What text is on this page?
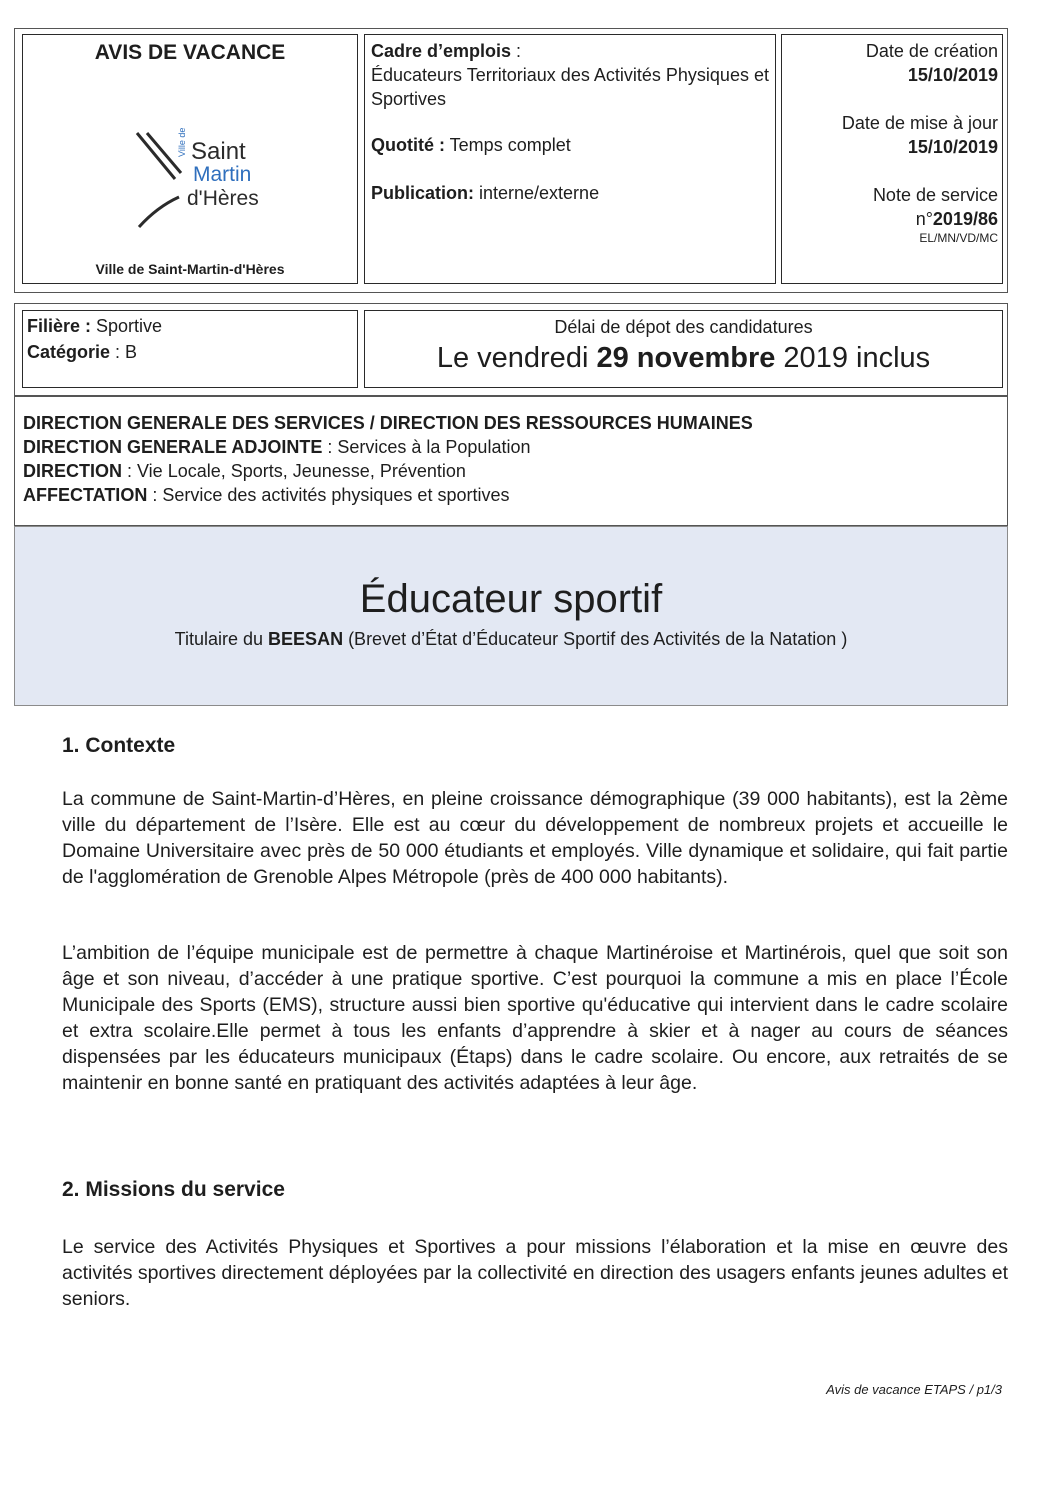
AVIS DE VACANCE
Ville de Saint
Martin
d'Hères
Ville de Saint-Martin-d'Hères
Cadre d’emplois :
Éducateurs Territoriaux des Activités Physiques et Sportives
Quotité : Temps complet
Publication: interne/externe
Date de création
15/10/2019
Date de mise à jour
15/10/2019
Note de service
n°2019/86
EL/MN/VD/MC
Filière : Sportive
Catégorie : B
Délai de dépot des candidatures
Le vendredi 29 novembre 2019 inclus
DIRECTION GENERALE DES SERVICES / DIRECTION DES RESSOURCES HUMAINES
DIRECTION GENERALE ADJOINTE : Services à la Population
DIRECTION : Vie Locale, Sports, Jeunesse, Prévention
AFFECTATION : Service des activités physiques et sportives
Éducateur sportif
Titulaire du BEESAN (Brevet d’État d’Éducateur Sportif des Activités de la Natation )
1. Contexte
La commune de Saint-Martin-d’Hères, en pleine croissance démographique (39 000 habitants), est la 2ème ville du département de l’Isère. Elle est au cœur du développement de nombreux projets et accueille le Domaine Universitaire avec près de 50 000 étudiants et employés. Ville dynamique et solidaire, qui fait partie de l'agglomération de Grenoble Alpes Métropole (près de 400 000 habitants).
L’ambition de l’équipe municipale est de permettre à chaque Martinéroise et Martinérois, quel que soit son âge et son niveau, d’accéder à une pratique sportive. C’est pourquoi la commune a mis en place l’École Municipale des Sports (EMS), structure aussi bien sportive qu'éducative qui intervient dans le cadre scolaire et extra scolaire.Elle permet à tous les enfants d’apprendre à skier et à nager au cours de séances dispensées par les éducateurs municipaux (Étaps) dans le cadre scolaire. Ou encore, aux retraités de se maintenir en bonne santé en pratiquant des activités adaptées à leur âge.
2. Missions du service
Le service des Activités Physiques et Sportives a pour missions l’élaboration et la mise en œuvre des activités sportives directement déployées par la collectivité en direction des usagers enfants jeunes adultes et seniors.
Avis de vacance ETAPS / p1/3
